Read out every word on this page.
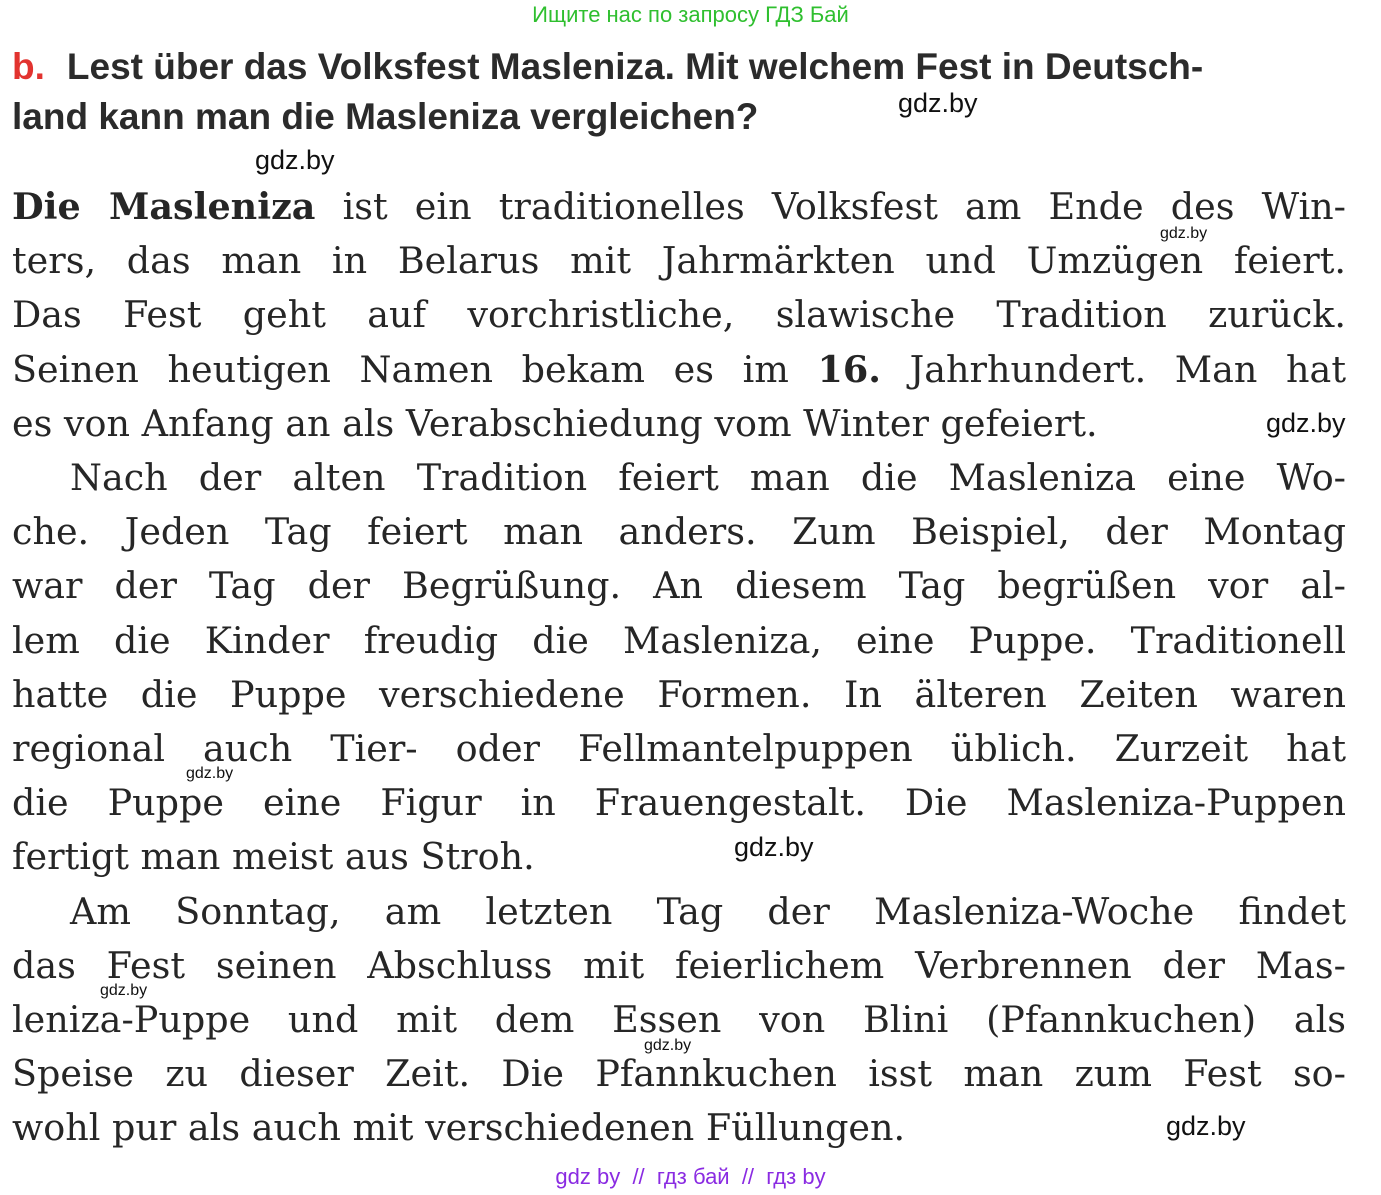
Ищите нас по запросу ГДЗ Бай
b. Lest über das Volksfest Masleniza. Mit welchem Fest in Deutsch-
land kann man die Masleniza vergleichen?
Die Masleniza ist ein traditionelles Volksfest am Ende des Win-
ters, das man in Belarus mit Jahrmärkten und Umzügen feiert.
Das Fest geht auf vorchristliche, slawische Tradition zurück.
Seinen heutigen Namen bekam es im 16. Jahrhundert. Man hat
es von Anfang an als Verabschiedung vom Winter gefeiert.
Nach der alten Tradition feiert man die Masleniza eine Wo-
che. Jeden Tag feiert man anders. Zum Beispiel, der Montag
war der Tag der Begrüßung. An diesem Tag begrüßen vor al-
lem die Kinder freudig die Masleniza, eine Puppe. Traditionell
hatte die Puppe verschiedene Formen. In älteren Zeiten waren
regional auch Tier- oder Fellmantelpuppen üblich. Zurzeit hat
die Puppe eine Figur in Frauengestalt. Die Masleniza-Puppen
fertigt man meist aus Stroh.
Am Sonntag, am letzten Tag der Masleniza-Woche findet
das Fest seinen Abschluss mit feierlichem Verbrennen der Mas-
leniza-Puppe und mit dem Essen von Blini (Pfannkuchen) als
Speise zu dieser Zeit. Die Pfannkuchen isst man zum Fest so-
wohl pur als auch mit verschiedenen Füllungen.
gdz.by
gdz.by
gdz.by
gdz.by
gdz.by
gdz.by
gdz.by
gdz.by
gdz.by
gdz by  //  гдз бай  //  гдз by
